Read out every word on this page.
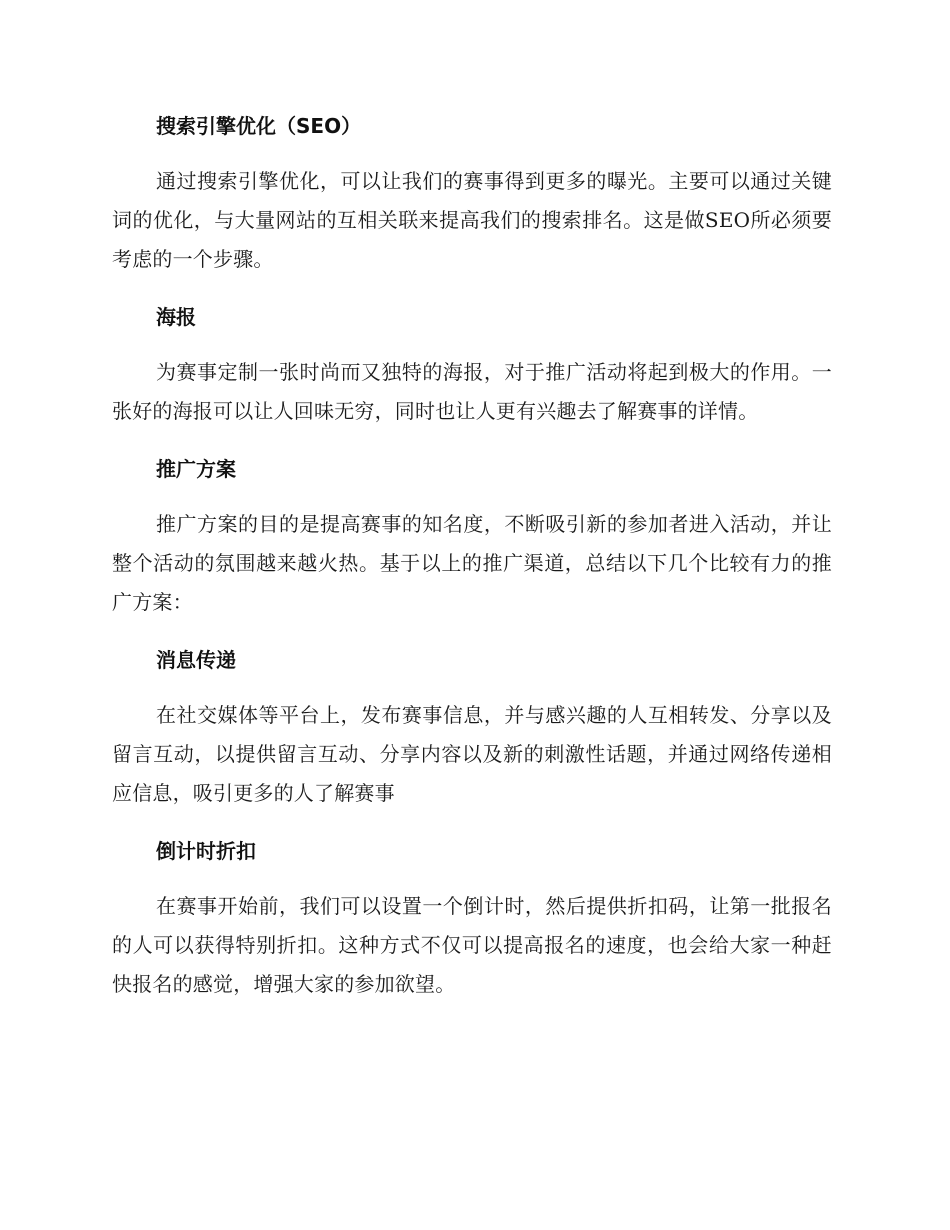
搜索引擎优化（SEO）

通过搜索引擎优化，可以让我们的赛事得到更多的曝光。主要可以通过关键词的优化，与大量网站的互相关联来提高我们的搜索排名。这是做SEO所必须要考虑的一个步骤。

海报

为赛事定制一张时尚而又独特的海报，对于推广活动将起到极大的作用。一张好的海报可以让人回味无穷，同时也让人更有兴趣去了解赛事的详情。

推广方案

推广方案的目的是提高赛事的知名度，不断吸引新的参加者进入活动，并让整个活动的氛围越来越火热。基于以上的推广渠道，总结以下几个比较有力的推广方案：

消息传递

在社交媒体等平台上，发布赛事信息，并与感兴趣的人互相转发、分享以及留言互动，以提供留言互动、分享内容以及新的刺激性话题，并通过网络传递相应信息，吸引更多的人了解赛事

倒计时折扣

在赛事开始前，我们可以设置一个倒计时，然后提供折扣码，让第一批报名的人可以获得特别折扣。这种方式不仅可以提高报名的速度，也会给大家一种赶快报名的感觉，增强大家的参加欲望。
